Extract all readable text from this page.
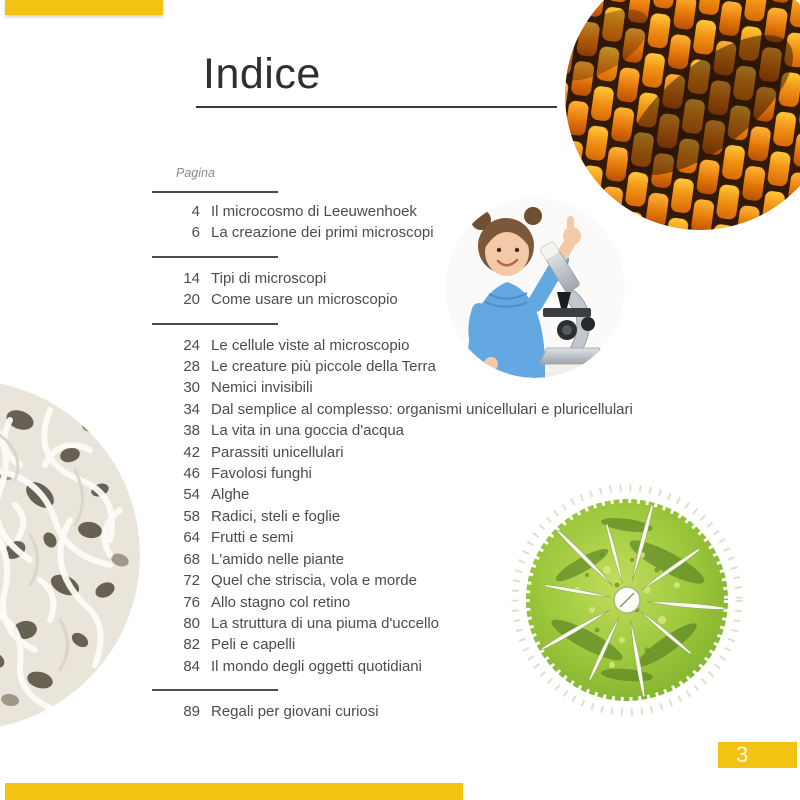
Indice
Pagina
4 Il microcosmo di Leeuwenhoek
6 La creazione dei primi microscopi
14 Tipi di microscopi
20 Come usare un microscopio
24 Le cellule viste al microscopio
28 Le creature più piccole della Terra
30 Nemici invisibili
34 Dal semplice al complesso: organismi unicellulari e pluricellulari
38 La vita in una goccia d'acqua
42 Parassiti unicellulari
46 Favolosi funghi
54 Alghe
58 Radici, steli e foglie
64 Frutti e semi
68 L'amido nelle piante
72 Quel che striscia, vola e morde
76 Allo stagno col retino
80 La struttura di una piuma d'uccello
82 Peli e capelli
84 Il mondo degli oggetti quotidiani
89 Regali per giovani curiosi
3
